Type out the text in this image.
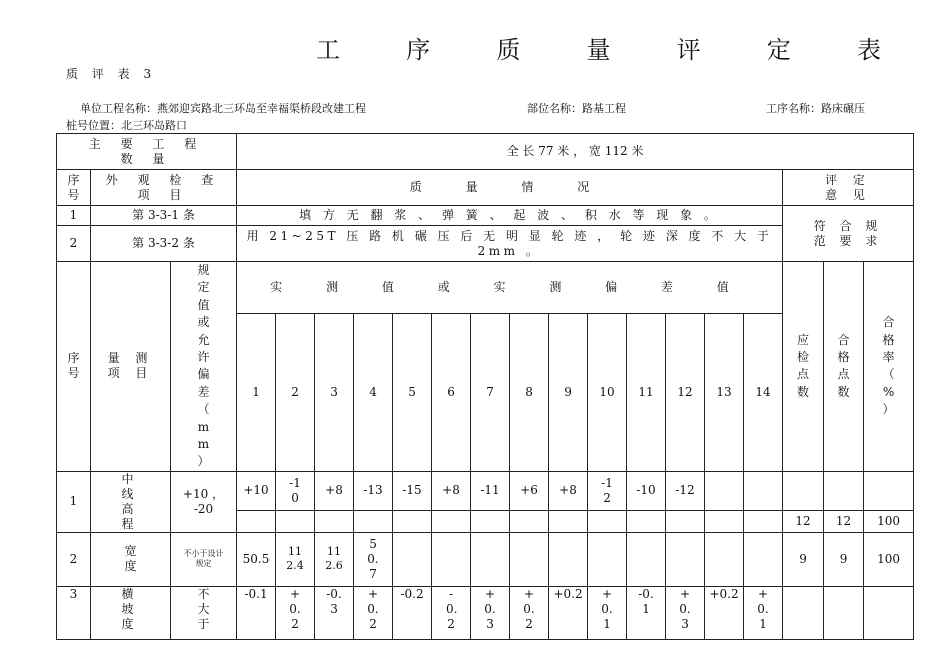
工	序	质	量	评	定	表
质 评 表 3
单位工程名称：燕郊迎宾路北三环岛至幸福渠桥段改建工程	部位名称：路基工程	工序名称：路床碾压
桩号位置：北三环岛路口
主 要 工 程
数 量			全 长 77 米 ， 宽 112 米																

序号	外 观 检 查 项 目		质 量 情 况														评 定 意 见		

1	第 3-3-1 条		填 方 无 翻 浆 、 弹 簧 、 起 波 、 积 水 等 现 象 。														符 合 规 范 要 求		

2	第 3-3-2 条		用 21~25T 压 路 机 碾 压 后 无 明 显 轮 迹 ， 轮 迹 深 度 不 大 于 2mm 。																

序 号	量 测 项 目	规定值或允许偏差（ mm ）	实 测 值 或 实 测 偏 差 值														应检点数	合格点数	合格率（ % ）

			1	2	3	4	5	6	7	8	9	10	11	12	13	14			
1	中 线 高 程	+10 ， -20	+10	-10	+8	-13	-15	+8	-11	+6	+8	-12	-10	-12					
																	12	12	100
2	宽 度	不小于设计规定	50.5	112.4	112.6	50.7											9	9	100
3	横 坡 度	不大于	-0.1	+0.2	-0.3	+0.2	-0.2	-0.2	+0.3	+0.2	+0.2	+0.1	-0.1	+0.3	+0.2	+0.1			
